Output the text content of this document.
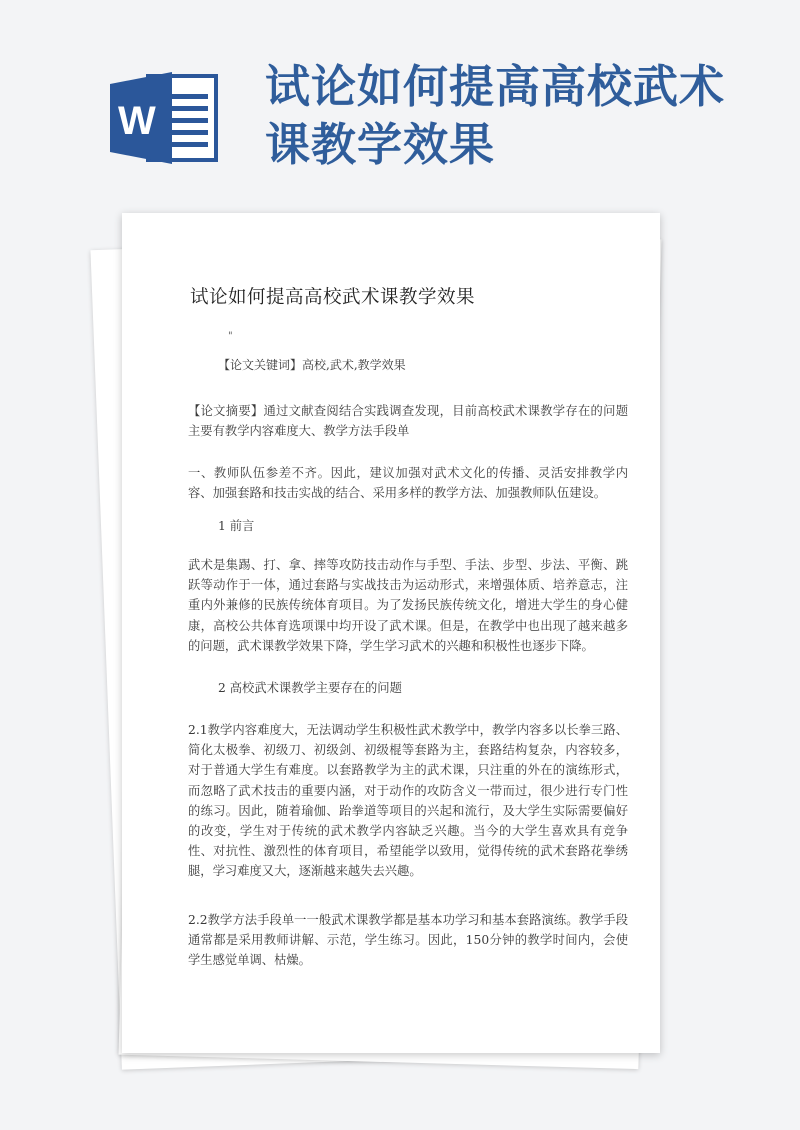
W
试论如何提高高校武术
课教学效果
试论如何提高高校武术课教学效果
"
【论文关键词】高校,武术,教学效果
【论文摘要】通过文献查阅结合实践调查发现，目前高校武术课教学存在的问题主要有教学内容难度大、教学方法手段单
一、教师队伍参差不齐。因此，建议加强对武术文化的传播、灵活安排教学内容、加强套路和技击实战的结合、采用多样的教学方法、加强教师队伍建设。
1 前言
武术是集踢、打、拿、摔等攻防技击动作与手型、手法、步型、步法、平衡、跳跃等动作于一体，通过套路与实战技击为运动形式，来增强体质、培养意志，注重内外兼修的民族传统体育项目。为了发扬民族传统文化，增进大学生的身心健康，高校公共体育选项课中均开设了武术课。但是，在教学中也出现了越来越多的问题，武术课教学效果下降，学生学习武术的兴趣和积极性也逐步下降。
2 高校武术课教学主要存在的问题
2.1教学内容难度大，无法调动学生积极性武术教学中，教学内容多以长拳三路、简化太极拳、初级刀、初级剑、初级棍等套路为主，套路结构复杂，内容较多，对于普通大学生有难度。以套路教学为主的武术课，只注重的外在的演练形式，而忽略了武术技击的重要内涵，对于动作的攻防含义一带而过，很少进行专门性的练习。因此，随着瑜伽、跆拳道等项目的兴起和流行，及大学生实际需要偏好的改变，学生对于传统的武术教学内容缺乏兴趣。当今的大学生喜欢具有竞争性、对抗性、激烈性的体育项目，希望能学以致用，觉得传统的武术套路花拳绣腿，学习难度又大，逐渐越来越失去兴趣。
2.2教学方法手段单一一般武术课教学都是基本功学习和基本套路演练。教学手段通常都是采用教师讲解、示范，学生练习。因此，150分钟的教学时间内，会使学生感觉单调、枯燥。
